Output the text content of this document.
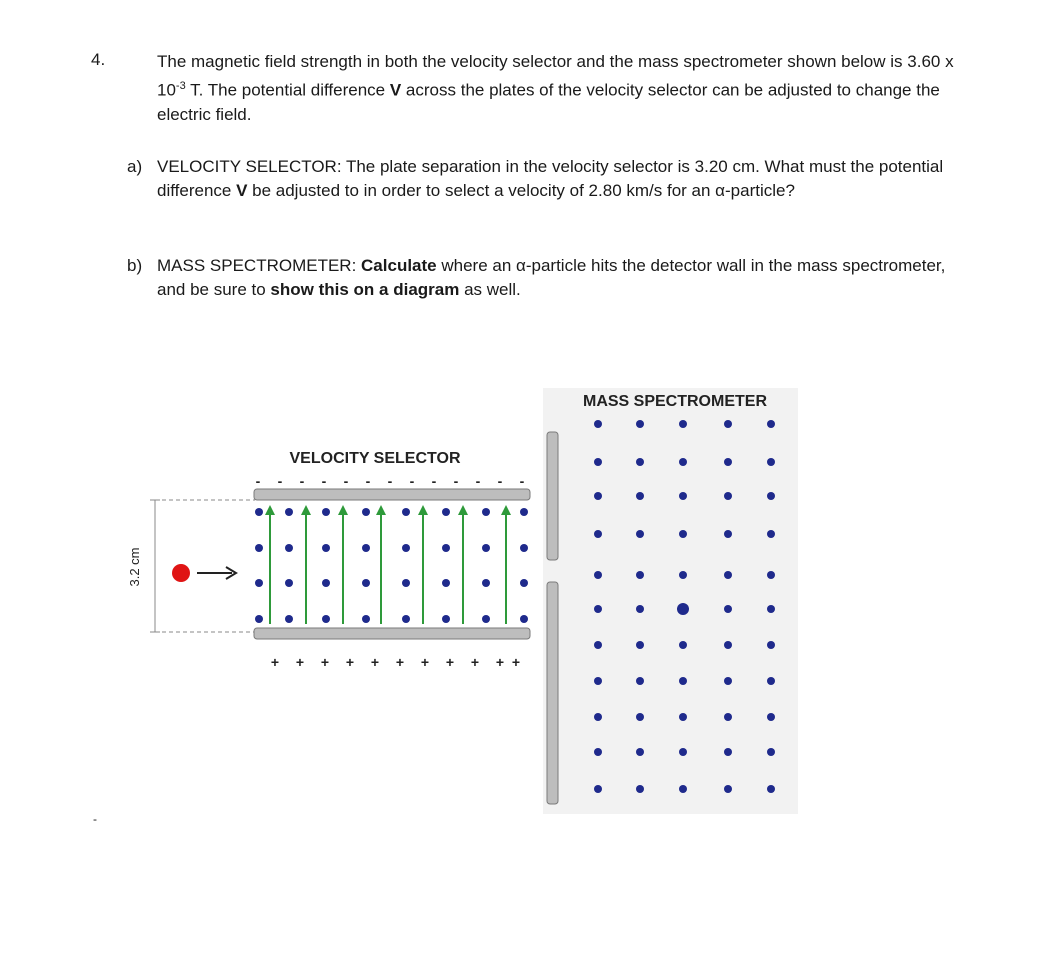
4.	The magnetic field strength in both the velocity selector and the mass spectrometer shown below is 3.60 x $10^{-3}$ T. The potential difference V across the plates of the velocity selector can be adjusted to change the electric field.
a) VELOCITY SELECTOR: The plate separation in the velocity selector is 3.20 cm. What must the potential difference V be adjusted to in order to select a velocity of 2.80 km/s for an α-particle?
b) MASS SPECTROMETER: Calculate where an α-particle hits the detector wall in the mass spectrometer, and be sure to show this on a diagram as well.
VELOCITY SELECTOR
MASS SPECTROMETER
3.2 cm
- - - - - - - - - - - - -
+ + + + + + + + + + +
-
